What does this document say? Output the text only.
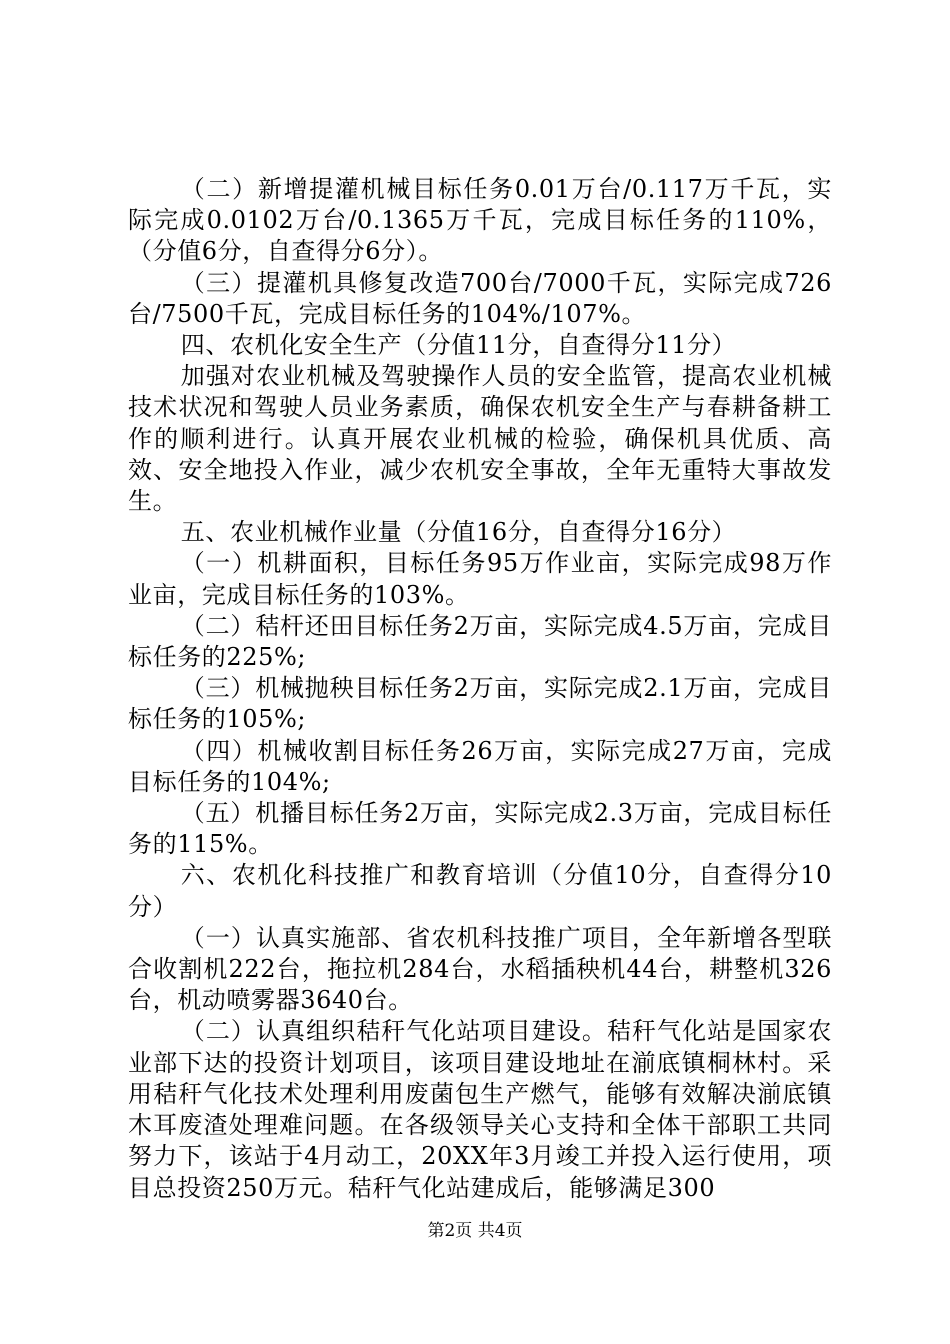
（二）新增提灌机械目标任务0.01万台/0.117万千瓦，实际完成0.0102万台/0.1365万千瓦，完成目标任务的110%，（分值6分，自查得分6分）。

（三）提灌机具修复改造700台/7000千瓦，实际完成726台/7500千瓦，完成目标任务的104%/107%。

四、农机化安全生产（分值11分，自查得分11分）

加强对农业机械及驾驶操作人员的安全监管，提高农业机械技术状况和驾驶人员业务素质，确保农机安全生产与春耕备耕工作的顺利进行。认真开展农业机械的检验，确保机具优质、高效、安全地投入作业，减少农机安全事故，全年无重特大事故发生。

五、农业机械作业量（分值16分，自查得分16分）

（一）机耕面积，目标任务95万作业亩，实际完成98万作业亩，完成目标任务的103%。

（二）秸杆还田目标任务2万亩，实际完成4.5万亩，完成目标任务的225%;

（三）机械抛秧目标任务2万亩，实际完成2.1万亩，完成目标任务的105%;

（四）机械收割目标任务26万亩，实际完成27万亩，完成目标任务的104%;

（五）机播目标任务2万亩，实际完成2.3万亩，完成目标任务的115%。

六、农机化科技推广和教育培训（分值10分，自查得分10分）

（一）认真实施部、省农机科技推广项目，全年新增各型联合收割机222台，拖拉机284台，水稻插秧机44台，耕整机326台，机动喷雾器3640台。

（二）认真组织秸秆气化站项目建设。秸秆气化站是国家农业部下达的投资计划项目，该项目建设地址在湔底镇桐林村。采用秸秆气化技术处理利用废菌包生产燃气，能够有效解决湔底镇木耳废渣处理难问题。在各级领导关心支持和全体干部职工共同努力下，该站于4月动工，20XX年3月竣工并投入运行使用，项目总投资250万元。秸秆气化站建成后，能够满足300

第2页 共4页
